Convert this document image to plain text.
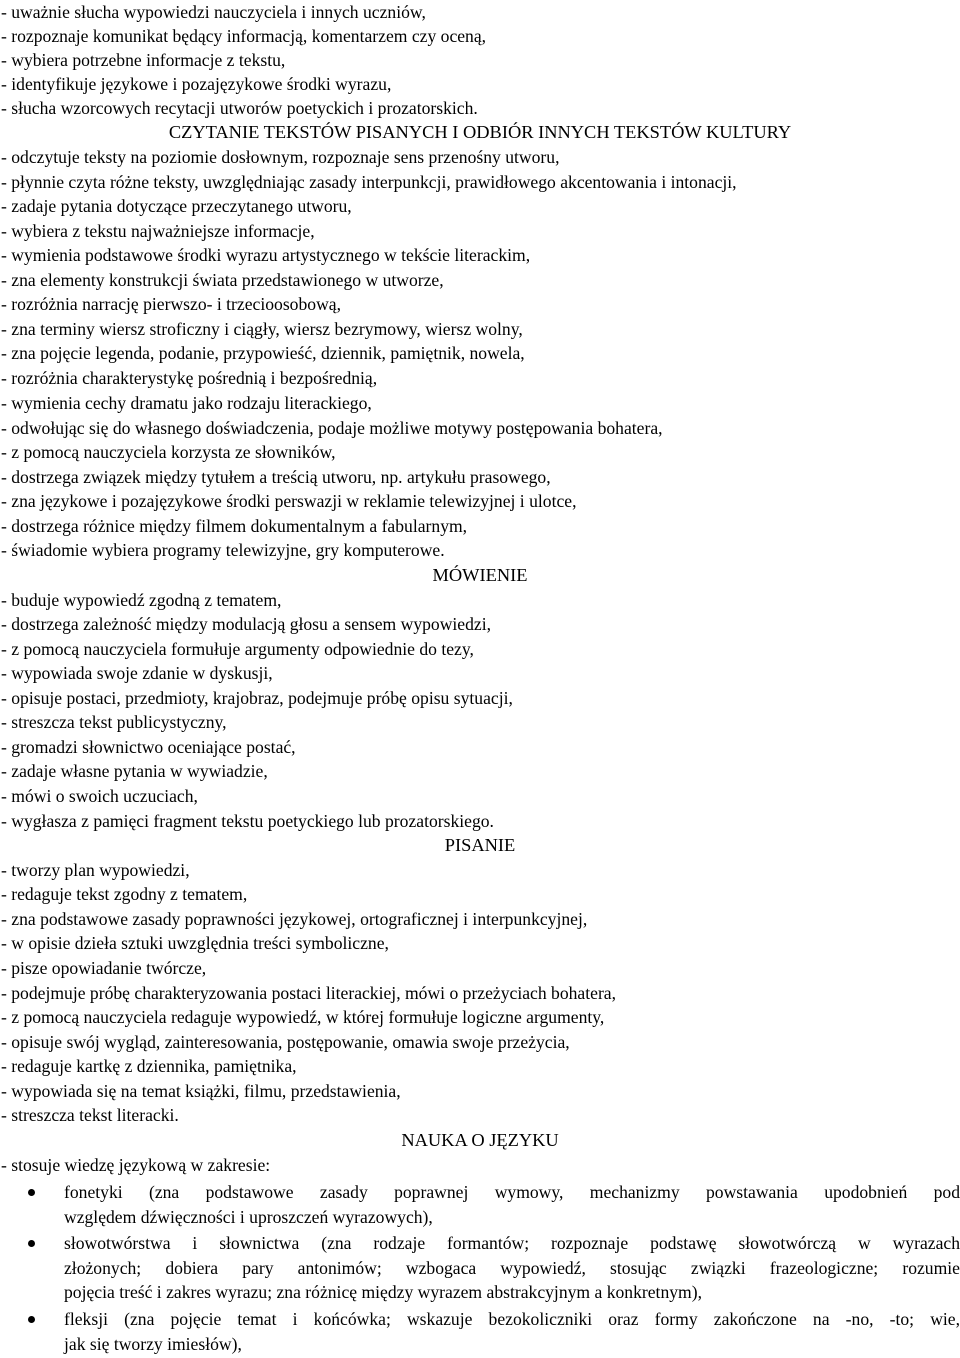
- uważnie słucha wypowiedzi nauczyciela i innych uczniów,
- rozpoznaje komunikat będący informacją, komentarzem czy oceną,
- wybiera potrzebne informacje z tekstu,
- identyfikuje językowe i pozajęzykowe środki wyrazu,
- słucha wzorcowych recytacji utworów poetyckich i prozatorskich.
CZYTANIE TEKSTÓW PISANYCH I ODBIÓR INNYCH TEKSTÓW KULTURY
- odczytuje teksty na poziomie dosłownym, rozpoznaje sens przenośny utworu,
- płynnie czyta różne teksty, uwzględniając zasady interpunkcji, prawidłowego akcentowania i intonacji,
- zadaje pytania dotyczące przeczytanego utworu,
- wybiera z tekstu najważniejsze informacje,
- wymienia podstawowe środki wyrazu artystycznego w tekście literackim,
- zna elementy konstrukcji świata przedstawionego w utworze,
- rozróżnia narrację pierwszo- i trzecioosobową,
- zna terminy wiersz stroficzny i ciągły, wiersz bezrymowy, wiersz wolny,
- zna pojęcie legenda, podanie, przypowieść, dziennik, pamiętnik, nowela,
- rozróżnia charakterystykę pośrednią i bezpośrednią,
- wymienia cechy dramatu jako rodzaju literackiego,
- odwołując się do własnego doświadczenia, podaje możliwe motywy postępowania bohatera,
- z pomocą nauczyciela korzysta ze słowników,
- dostrzega związek między tytułem a treścią utworu, np. artykułu prasowego,
- zna językowe i pozajęzykowe środki perswazji w reklamie telewizyjnej i ulotce,
- dostrzega różnice między filmem dokumentalnym a fabularnym,
- świadomie wybiera programy telewizyjne, gry komputerowe.
MÓWIENIE
- buduje wypowiedź zgodną z tematem,
- dostrzega zależność między modulacją głosu a sensem wypowiedzi,
- z pomocą nauczyciela formułuje argumenty odpowiednie do tezy,
- wypowiada swoje zdanie w dyskusji,
- opisuje postaci, przedmioty, krajobraz, podejmuje próbę opisu sytuacji,
- streszcza tekst publicystyczny,
- gromadzi słownictwo oceniające postać,
- zadaje własne pytania w wywiadzie,
- mówi o swoich uczuciach,
- wygłasza z pamięci fragment tekstu poetyckiego lub prozatorskiego.
PISANIE
- tworzy plan wypowiedzi,
- redaguje tekst zgodny z tematem,
- zna podstawowe zasady poprawności językowej, ortograficznej i interpunkcyjnej,
- w opisie dzieła sztuki uwzględnia treści symboliczne,
- pisze opowiadanie twórcze,
- podejmuje próbę charakteryzowania postaci literackiej, mówi o przeżyciach bohatera,
- z pomocą nauczyciela redaguje wypowiedź, w której formułuje logiczne argumenty,
- opisuje swój wygląd, zainteresowania, postępowanie, omawia swoje przeżycia,
- redaguje kartkę z dziennika, pamiętnika,
- wypowiada się na temat książki, filmu, przedstawienia,
- streszcza tekst literacki.
NAUKA O JĘZYKU
- stosuje wiedzę językową w zakresie:
fonetyki (zna podstawowe zasady poprawnej wymowy, mechanizmy powstawania upodobnień pod
względem dźwięczności i uproszczeń wyrazowych),
słowotwórstwa i słownictwa (zna rodzaje formantów; rozpoznaje podstawę słowotwórczą w wyrazach
złożonych; dobiera pary antonimów; wzbogaca wypowiedź, stosując związki frazeologiczne; rozumie
pojęcia treść i zakres wyrazu; zna różnicę między wyrazem abstrakcyjnym a konkretnym),
fleksji (zna pojęcie temat i końcówka; wskazuje bezokoliczniki oraz formy zakończone na -no, -to; wie,
jak się tworzy imiesłów),
